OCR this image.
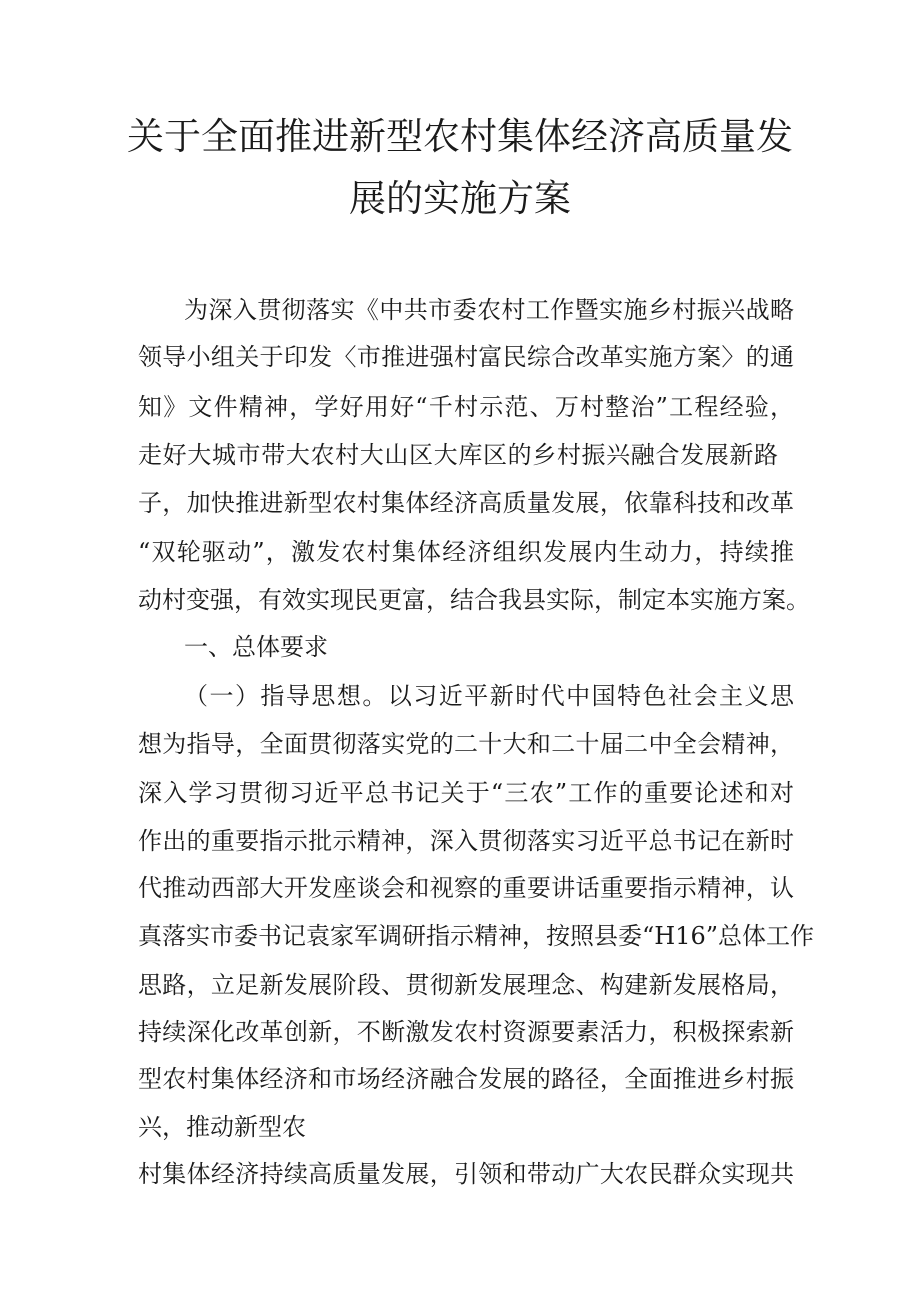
关于全面推进新型农村集体经济高质量发
展的实施方案
为深入贯彻落实《中共市委农村工作暨实施乡村振兴战略
领导小组关于印发〈市推进强村富民综合改革实施方案〉的通
知》文件精神，学好用好“千村示范、万村整治”工程经验，
走好大城市带大农村大山区大库区的乡村振兴融合发展新路
子，加快推进新型农村集体经济高质量发展，依靠科技和改革
“双轮驱动”，激发农村集体经济组织发展内生动力，持续推
动村变强，有效实现民更富，结合我县实际，制定本实施方案。
一、总体要求
（一）指导思想。以习近平新时代中国特色社会主义思
想为指导，全面贯彻落实党的二十大和二十届二中全会精神，
深入学习贯彻习近平总书记关于“三农”工作的重要论述和对
作出的重要指示批示精神，深入贯彻落实习近平总书记在新时
代推动西部大开发座谈会和视察的重要讲话重要指示精神，认
真落实市委书记袁家军调研指示精神，按照县委“H16”总体工作
思路，立足新发展阶段、贯彻新发展理念、构建新发展格局，
持续深化改革创新，不断激发农村资源要素活力，积极探索新
型农村集体经济和市场经济融合发展的路径，全面推进乡村振
兴，推动新型农
村集体经济持续高质量发展，引领和带动广大农民群众实现共
